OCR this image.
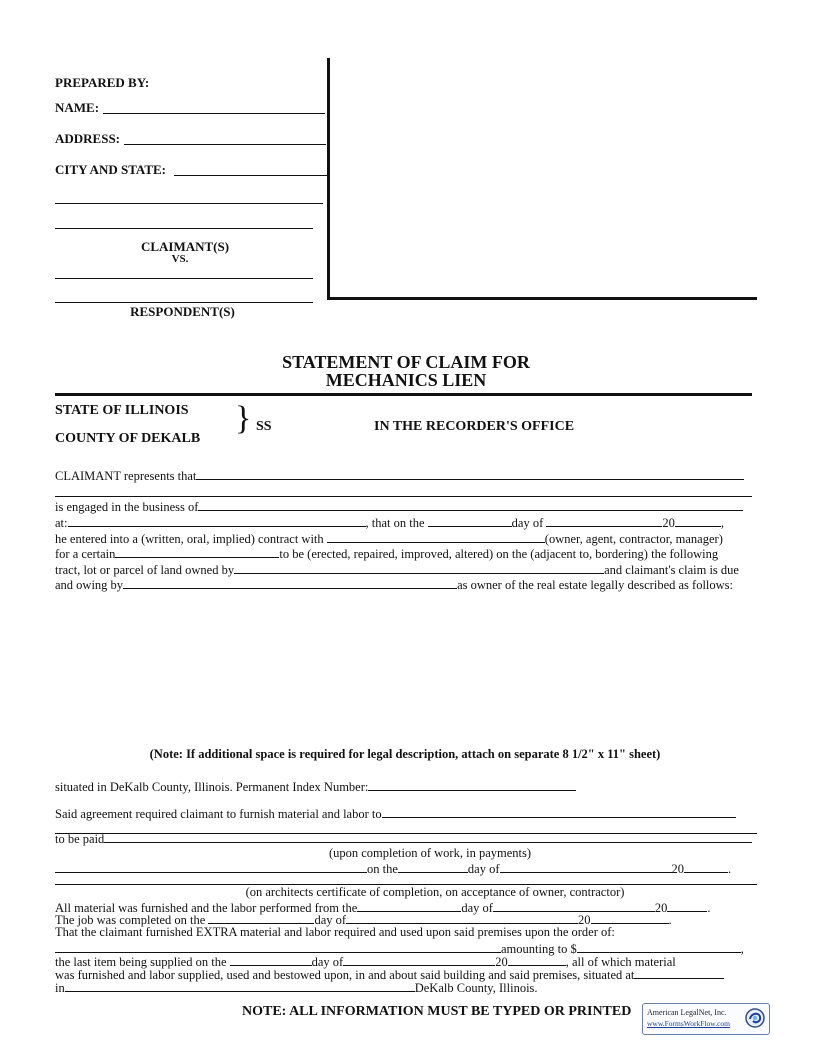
PREPARED BY:
NAME:
ADDRESS:
CITY AND STATE:
CLAIMANT(S)
VS.
RESPONDENT(S)
STATEMENT OF CLAIM FOR
MECHANICS LIEN
STATE OF ILLINOIS
COUNTY OF DEKALB
} SS	IN THE RECORDER'S OFFICE
CLAIMANT represents that
is engaged in the business of
at:	, that on the	day of	20	,
he entered into a (written, oral, implied) contract with	(owner, agent, contractor, manager)
for a certain	to be (erected, repaired, improved, altered) on the (adjacent to, bordering) the following
tract, lot or parcel of land owned by	and claimant's claim is due
and owing by	as owner of the real estate legally described as follows:
(Note: If additional space is required for legal description, attach on separate 8 1/2" x 11" sheet)
situated in DeKalb County, Illinois. Permanent Index Number:
Said agreement required claimant to furnish material and labor to
to be paid
(upon completion of work, in payments)
on the	day of	20	.
(on architects certificate of completion, on acceptance of owner, contractor)
All material was furnished and the labor performed from the	day of	20	.
The job was completed on the	day of	20	.
That the claimant furnished EXTRA material and labor required and used upon said premises upon the order of:
amounting to $	,
the last item being supplied on the	day of	20	, all of which material
was furnished and labor supplied, used and bestowed upon, in and about said building and said premises, situated at
in	DeKalb County, Illinois.
NOTE: ALL INFORMATION MUST BE TYPED OR PRINTED American LegalNet, Inc.
www.FormsWorkFlow.com
